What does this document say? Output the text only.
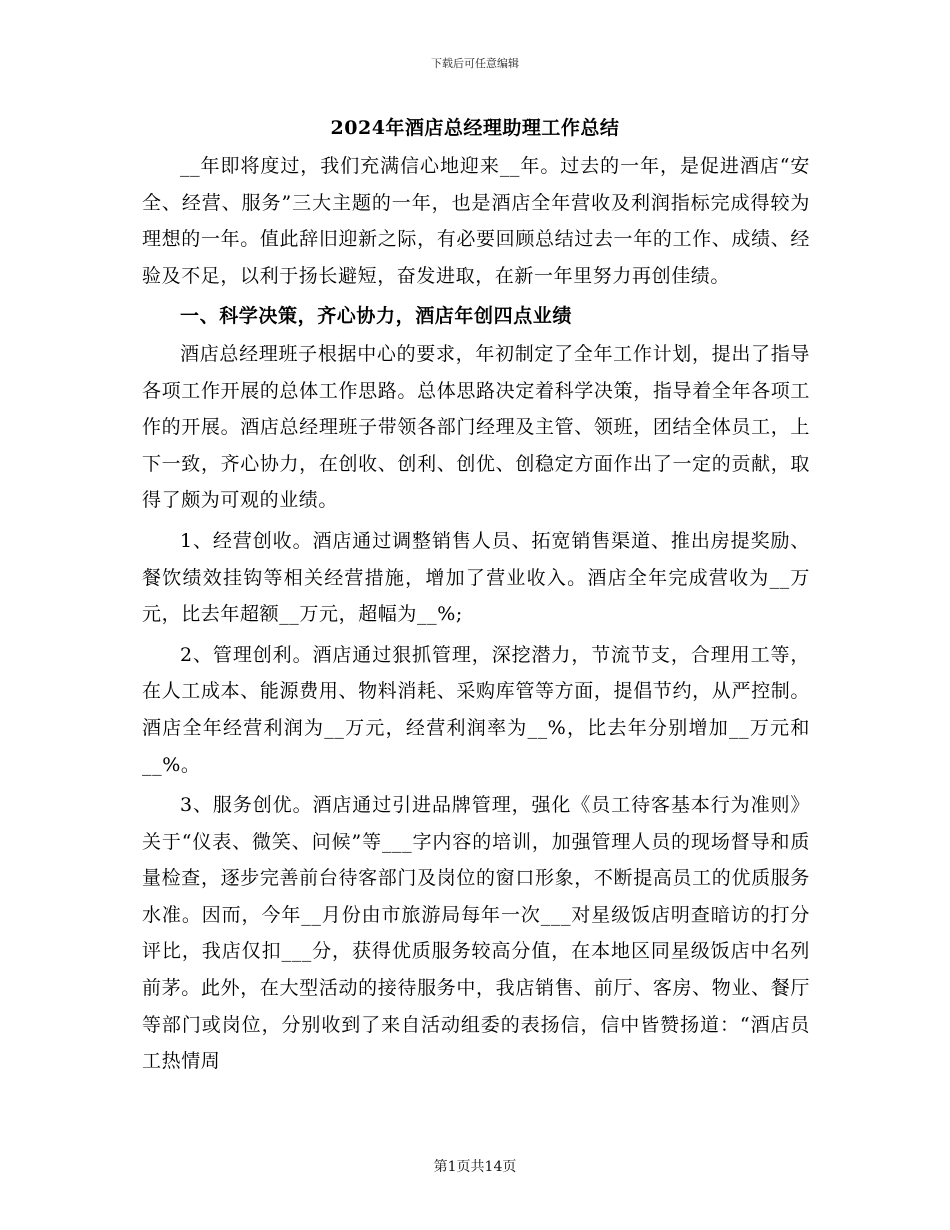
下载后可任意编辑
2024年酒店总经理助理工作总结

__年即将度过，我们充满信心地迎来__年。过去的一年，是促进酒店“安全、经营、服务”三大主题的一年，也是酒店全年营收及利润指标完成得较为理想的一年。值此辞旧迎新之际，有必要回顾总结过去一年的工作、成绩、经验及不足，以利于扬长避短，奋发进取，在新一年里努力再创佳绩。

一、科学决策，齐心协力，酒店年创四点业绩

酒店总经理班子根据中心的要求，年初制定了全年工作计划，提出了指导各项工作开展的总体工作思路。总体思路决定着科学决策，指导着全年各项工作的开展。酒店总经理班子带领各部门经理及主管、领班，团结全体员工，上下一致，齐心协力，在创收、创利、创优、创稳定方面作出了一定的贡献，取得了颇为可观的业绩。

1、经营创收。酒店通过调整销售人员、拓宽销售渠道、推出房提奖励、餐饮绩效挂钩等相关经营措施，增加了营业收入。酒店全年完成营收为__万元，比去年超额__万元，超幅为__%;

2、管理创利。酒店通过狠抓管理，深挖潜力，节流节支，合理用工等，在人工成本、能源费用、物料消耗、采购库管等方面，提倡节约，从严控制。酒店全年经营利润为__万元，经营利润率为__%，比去年分别增加__万元和__%。

3、服务创优。酒店通过引进品牌管理，强化《员工待客基本行为准则》关于“仪表、微笑、问候”等___字内容的培训，加强管理人员的现场督导和质量检查，逐步完善前台待客部门及岗位的窗口形象，不断提高员工的优质服务水准。因而，今年__月份由市旅游局每年一次___对星级饭店明查暗访的打分评比，我店仅扣___分，获得优质服务较高分值，在本地区同星级饭店中名列前茅。此外，在大型活动的接待服务中，我店销售、前厅、客房、物业、餐厅等部门或岗位，分别收到了来自活动组委的表扬信，信中皆赞扬道：“酒店员工热情周

第1页共14页
